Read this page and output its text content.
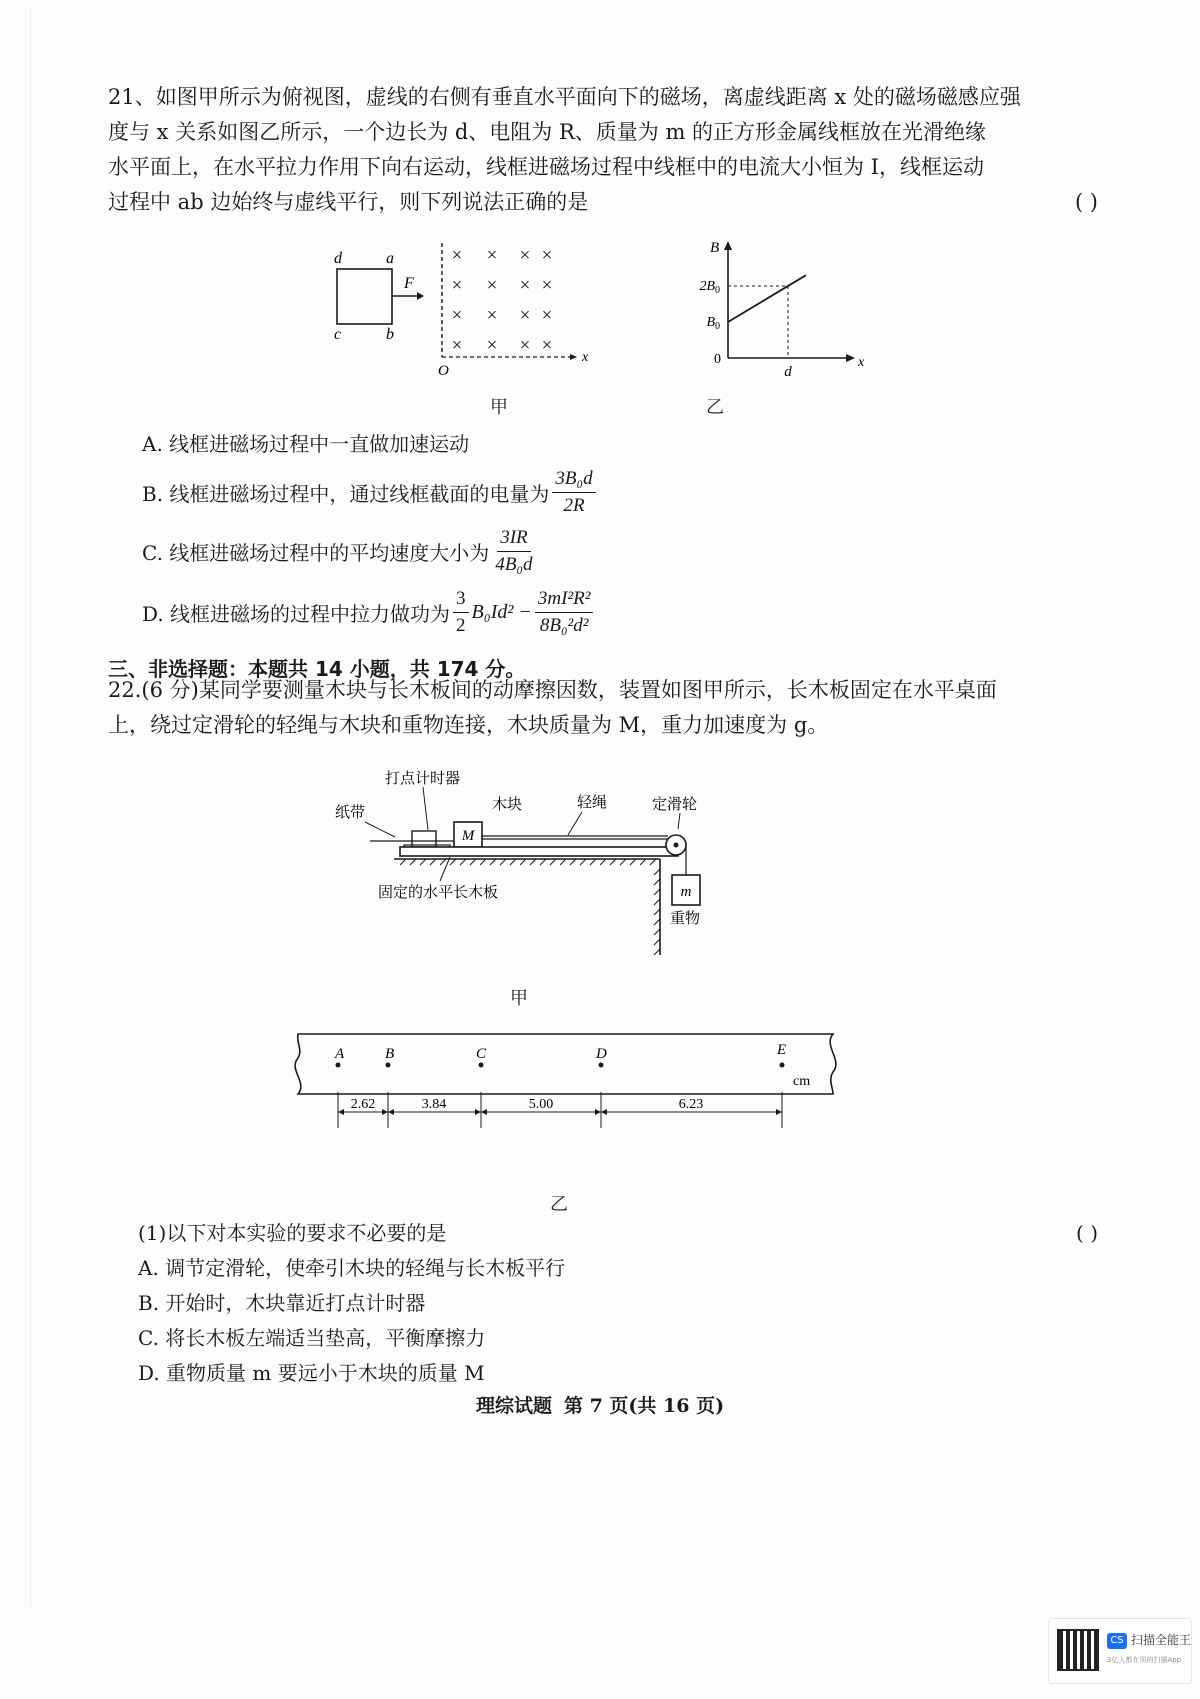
21、如图甲所示为俯视图，虚线的右侧有垂直水平面向下的磁场，离虚线距离 x 处的磁场磁感应强
度与 x 关系如图乙所示，一个边长为 d、电阻为 R、质量为 m 的正方形金属线框放在光滑绝缘
水平面上，在水平拉力作用下向右运动，线框进磁场过程中线框中的电流大小恒为 I，线框运动
过程中 ab 边始终与虚线平行，则下列说法正确的是	( )
d	a
c	b
F
x
O
× × × ×
× × × ×
× × × ×
× × × ×
甲
B
x
0
d
$B_0$
$2B_0$
乙
A. 线框进磁场过程中一直做加速运动
B. 线框进磁场过程中，通过线框截面的电量为 $\frac{\text{3B₀d}}{2R}$
C. 线框进磁场过程中的平均速度大小为 $\frac{3IR}{\text{4B₀d}}$
D. 线框进磁场的过程中拉力做功为 $\frac{3}{2} B_0Id^2 - \frac{\text{3mI²R²}}{\text{8B₀²d²}}$
三、非选择题：本题共 14 小题，共 174 分。
22.(6 分)某同学要测量木块与长木板间的动摩擦因数，装置如图甲所示，长木板固定在水平桌面
上，绕过定滑轮的轻绳与木块和重物连接，木块质量为 M，重力加速度为 g。
打点计时器
纸带	木块	轻绳	定滑轮
M
m
重物
固定的水平长木板
甲
A	B	C	D	E
cm
2.62	3.84	5.00	6.23
乙
(1)以下对本实验的要求不必要的是	( )
A. 调节定滑轮，使牵引木块的轻绳与长木板平行
B. 开始时，木块靠近打点计时器
C. 将长木板左端适当垫高，平衡摩擦力
D. 重物质量 m 要远小于木块的质量 M
理综试题 第 7 页(共 16 页)
CS 扫描全能王
3亿人都在用的扫描App
